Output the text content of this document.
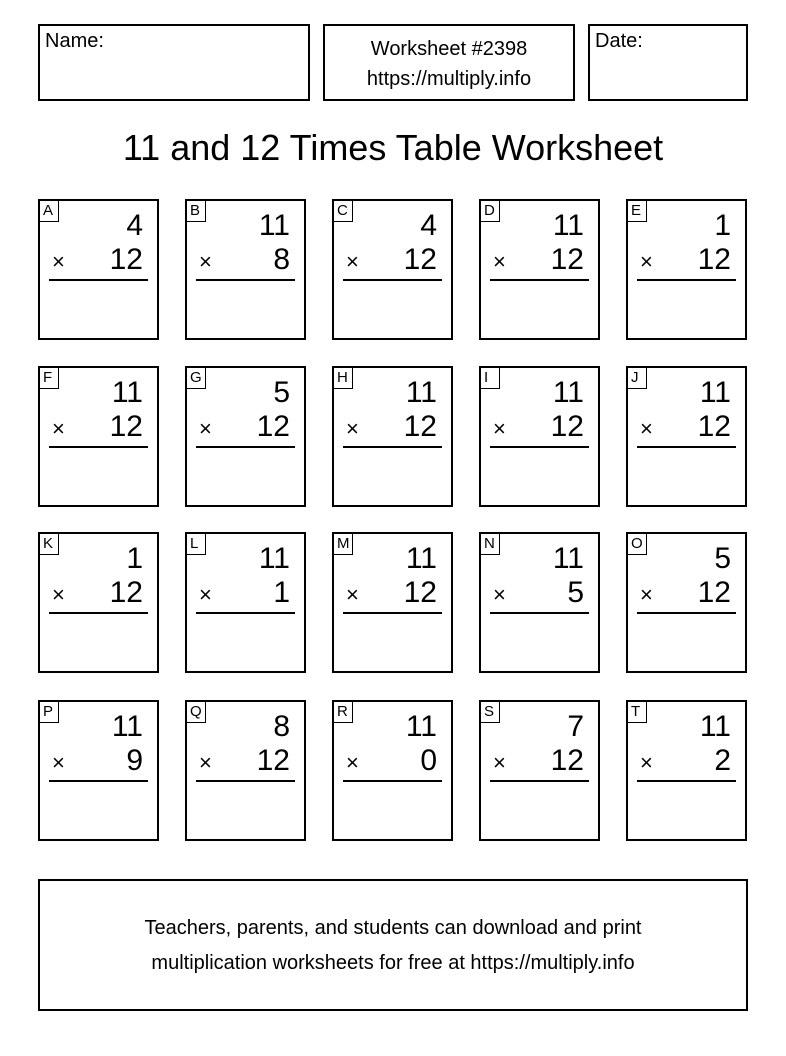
Name:	Worksheet #2398
https://multiply.info
Date:
11 and 12 Times Table Worksheet
A 4
× 12
B 11
× 8
C 4
× 12
D 11
× 12
E 1
× 12
F 11
× 12
G 5
× 12
H 11
× 12
I	11
× 12
J 11
× 12
K 1
× 12
L 11
× 1
M 11
× 12
N 11
× 5
O 5
× 12
P 11
× 9
Q 8
× 12
R 11
× 0
S 7
× 12
T 11
× 2
Teachers, parents, and students can download and print
multiplication worksheets for free at https://multiply.info
